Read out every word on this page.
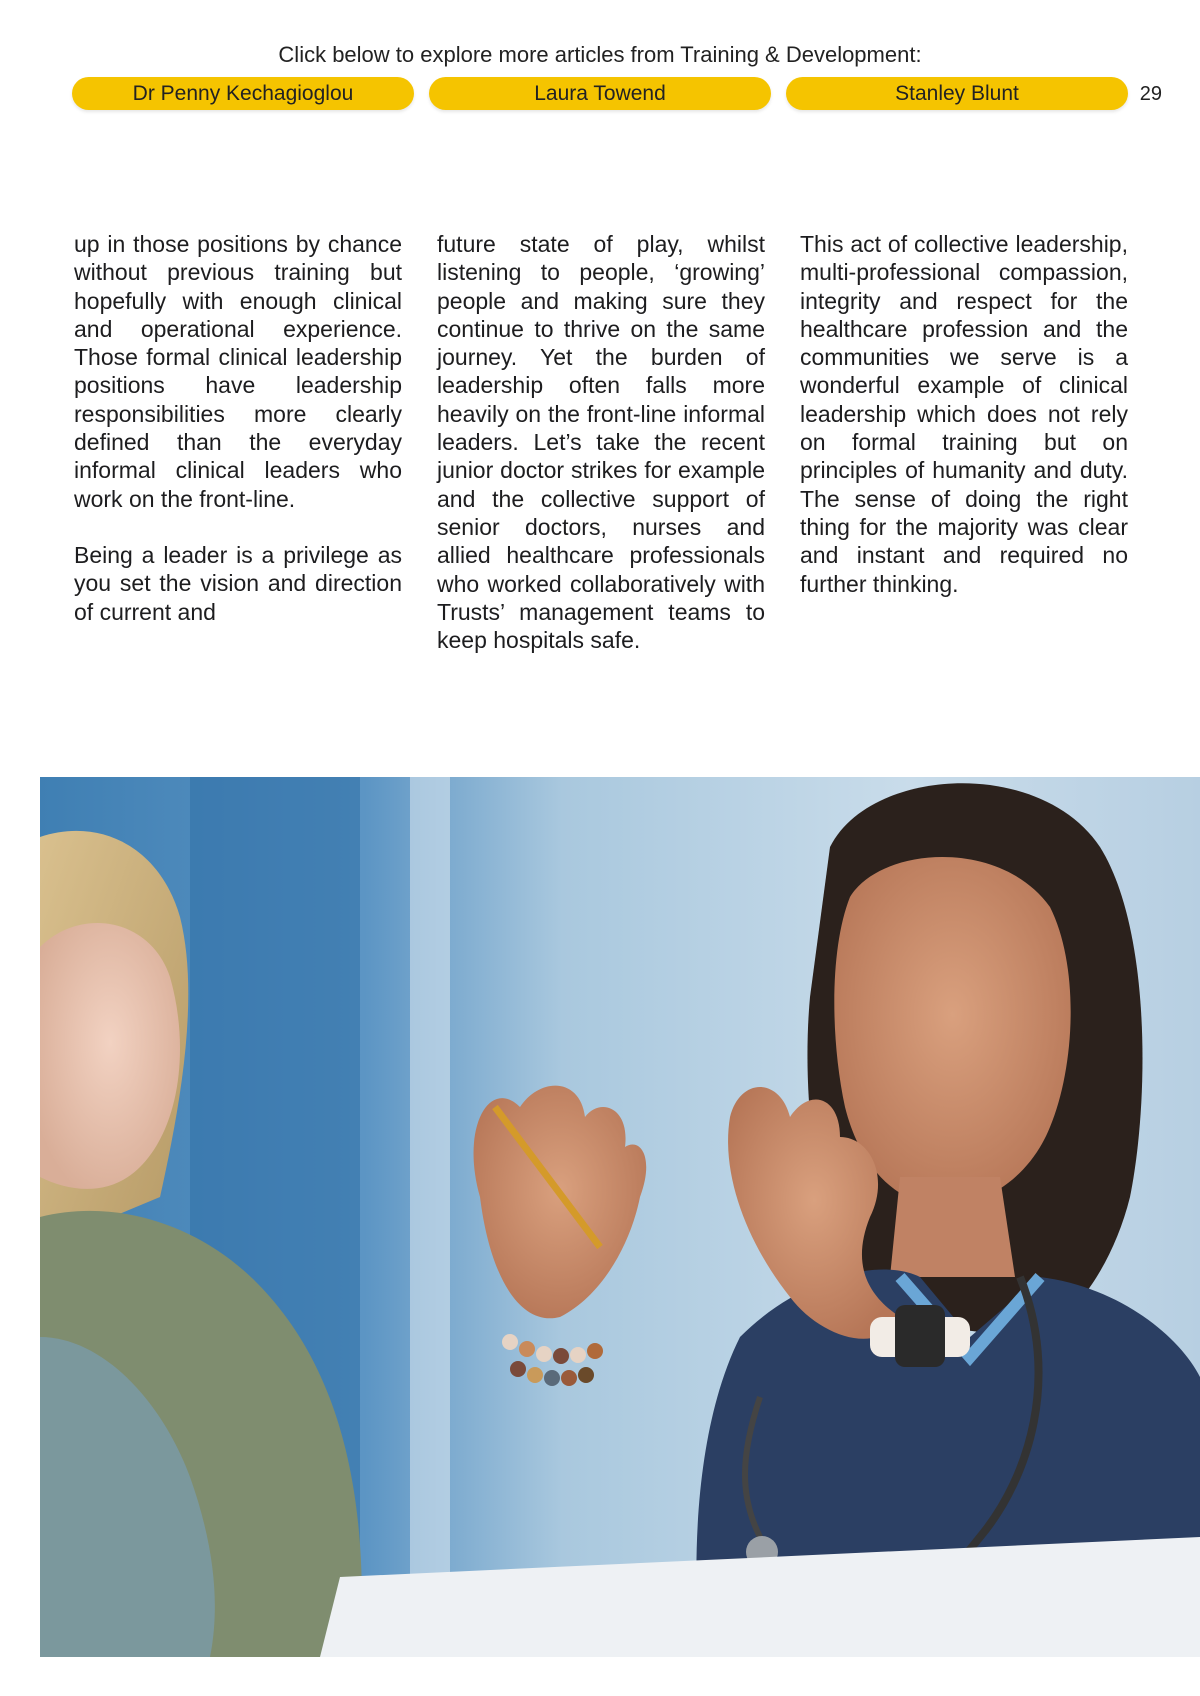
Click below to explore more articles from Training & Development:
Dr Penny Kechagioglou	Laura Towend	Stanley Blunt	29

up in those positions by chance without previous training but hopefully with enough clinical and operational experience. Those formal clinical leadership positions have leadership responsibilities more clearly defined than the everyday informal clinical leaders who work on the front-line.

Being a leader is a privilege as you set the vision and direction of current and

future state of play, whilst listening to people, ‘growing’ people and making sure they continue to thrive on the same journey. Yet the burden of leadership often falls more heavily on the front-line informal leaders. Let’s take the recent junior doctor strikes for example and the collective support of senior doctors, nurses and allied healthcare professionals who worked collaboratively with Trusts’ management teams to keep hospitals safe.

This act of collective leadership, multi-professional compassion, integrity and respect for the healthcare profession and the communities we serve is a wonderful example of clinical leadership which does not rely on formal training but on principles of humanity and duty. The sense of doing the right thing for the majority was clear and instant and required no further thinking.
